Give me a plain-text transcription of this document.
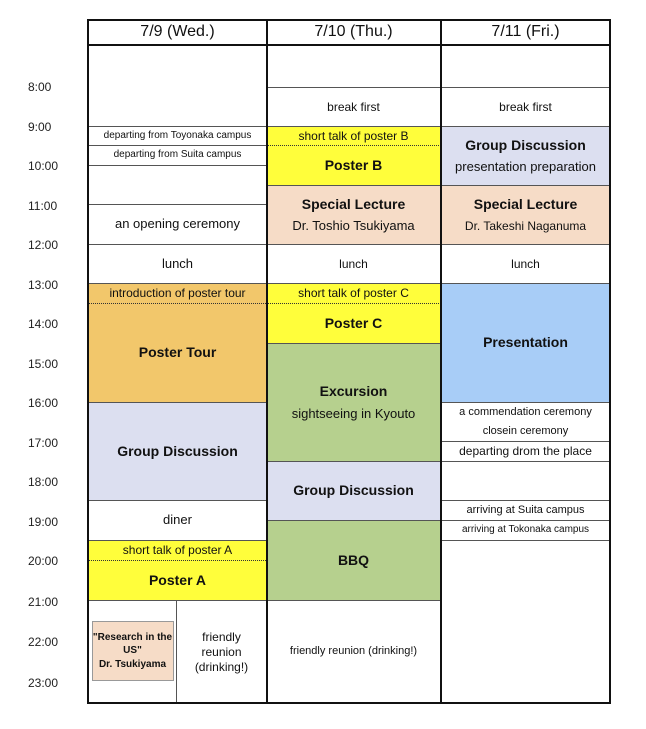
8:00
9:00
10:00
11:00
12:00
13:00
14:00
15:00
16:00
17:00
18:00
19:00
20:00
21:00
22:00
23:00
7/9 (Wed.)
departing from Toyonaka campus
departing from Suita campus
an opening ceremony
lunch
introduction of poster tour
Poster Tour
Group Discussion
diner
short talk of poster A
Poster A
"Research in the US"
Dr. Tsukiyama
friendly reunion (drinking!)
7/10 (Thu.)
break first
short talk of poster B
Poster B
Special Lecture
Dr. Toshio Tsukiyama
lunch
short talk of poster C
Poster C
Excursion
sightseeing in Kyouto
Group Discussion
BBQ
friendly reunion (drinking!)
7/11 (Fri.)
break first
Group Discussion
presentation preparation
Special Lecture
Dr. Takeshi Naganuma
lunch
Presentation
a commendation ceremony
closein ceremony
departing drom the place
arriving at Suita campus
arriving at Tokonaka campus
